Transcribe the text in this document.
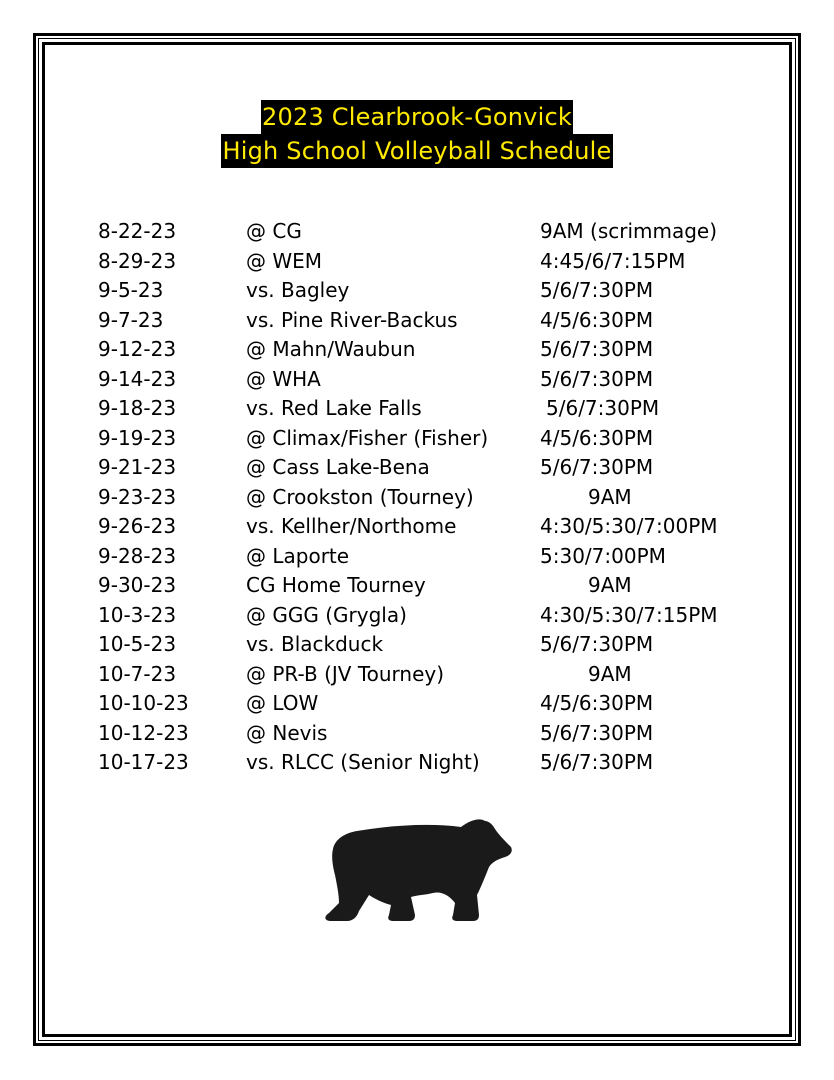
2023 Clearbrook-Gonvick
High School Volleyball Schedule
8-22-23	@ CG	9AM (scrimmage)
8-29-23	@ WEM	4:45/6/7:15PM
9-5-23	vs. Bagley	5/6/7:30PM
9-7-23	vs. Pine River-Backus	4/5/6:30PM
9-12-23	@ Mahn/Waubun	5/6/7:30PM
9-14-23	@ WHA	5/6/7:30PM
9-18-23	vs. Red Lake Falls	5/6/7:30PM
9-19-23	@ Climax/Fisher (Fisher)	4/5/6:30PM
9-21-23	@ Cass Lake-Bena	5/6/7:30PM
9-23-23	@ Crookston (Tourney)	9AM
9-26-23	vs. Kellher/Northome	4:30/5:30/7:00PM
9-28-23	@ Laporte	5:30/7:00PM
9-30-23	CG Home Tourney	9AM
10-3-23	@ GGG (Grygla)	4:30/5:30/7:15PM
10-5-23	vs. Blackduck	5/6/7:30PM
10-7-23	@ PR-B (JV Tourney)	9AM
10-10-23	@ LOW	4/5/6:30PM
10-12-23	@ Nevis	5/6/7:30PM
10-17-23	vs. RLCC (Senior Night)	5/6/7:30PM
